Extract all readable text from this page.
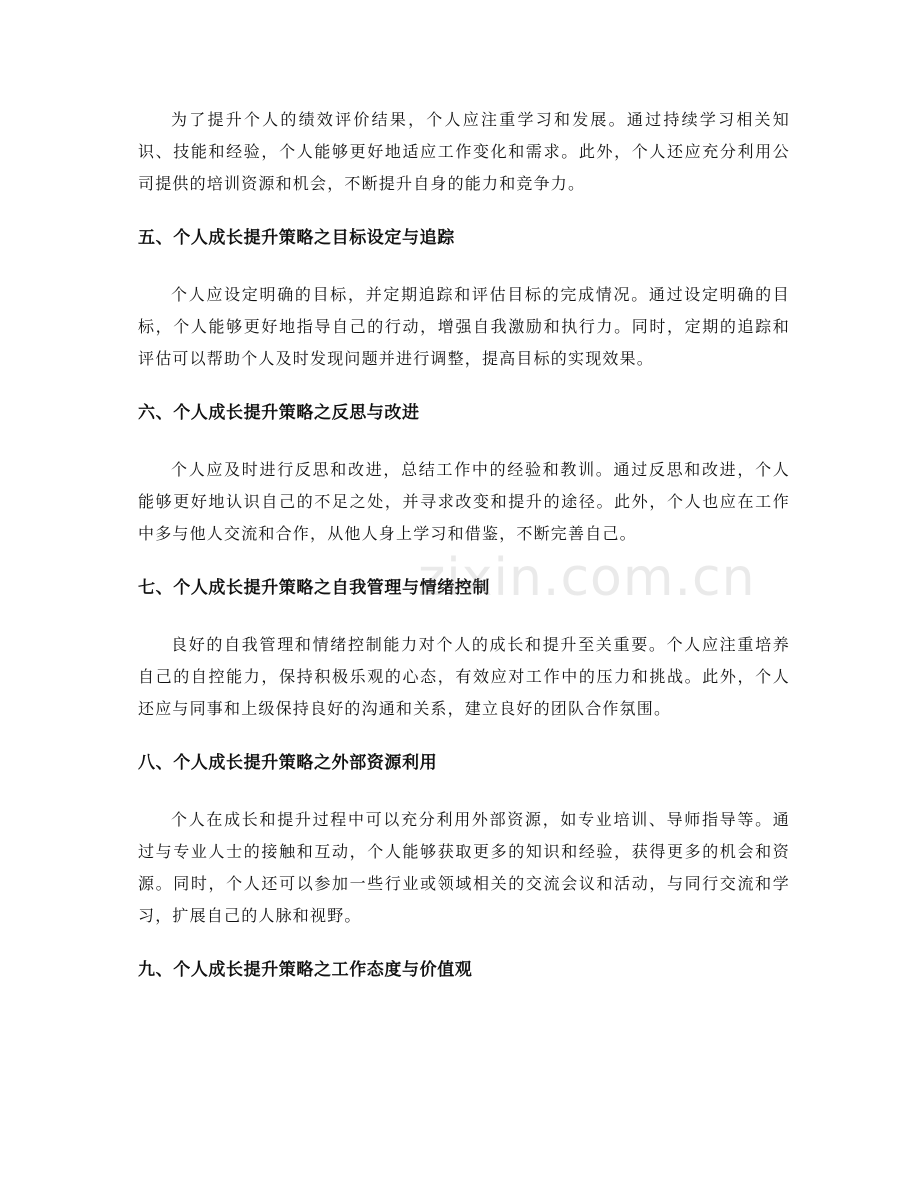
为了提升个人的绩效评价结果，个人应注重学习和发展。通过持续学习相关知识、技能和经验，个人能够更好地适应工作变化和需求。此外，个人还应充分利用公司提供的培训资源和机会，不断提升自身的能力和竞争力。

五、个人成长提升策略之目标设定与追踪

个人应设定明确的目标，并定期追踪和评估目标的完成情况。通过设定明确的目标，个人能够更好地指导自己的行动，增强自我激励和执行力。同时，定期的追踪和评估可以帮助个人及时发现问题并进行调整，提高目标的实现效果。

六、个人成长提升策略之反思与改进

个人应及时进行反思和改进，总结工作中的经验和教训。通过反思和改进，个人能够更好地认识自己的不足之处，并寻求改变和提升的途径。此外，个人也应在工作中多与他人交流和合作，从他人身上学习和借鉴，不断完善自己。

七、个人成长提升策略之自我管理与情绪控制

良好的自我管理和情绪控制能力对个人的成长和提升至关重要。个人应注重培养自己的自控能力，保持积极乐观的心态，有效应对工作中的压力和挑战。此外，个人还应与同事和上级保持良好的沟通和关系，建立良好的团队合作氛围。

八、个人成长提升策略之外部资源利用

个人在成长和提升过程中可以充分利用外部资源，如专业培训、导师指导等。通过与专业人士的接触和互动，个人能够获取更多的知识和经验，获得更多的机会和资源。同时，个人还可以参加一些行业或领域相关的交流会议和活动，与同行交流和学习，扩展自己的人脉和视野。

九、个人成长提升策略之工作态度与价值观
zixin.com.cn
